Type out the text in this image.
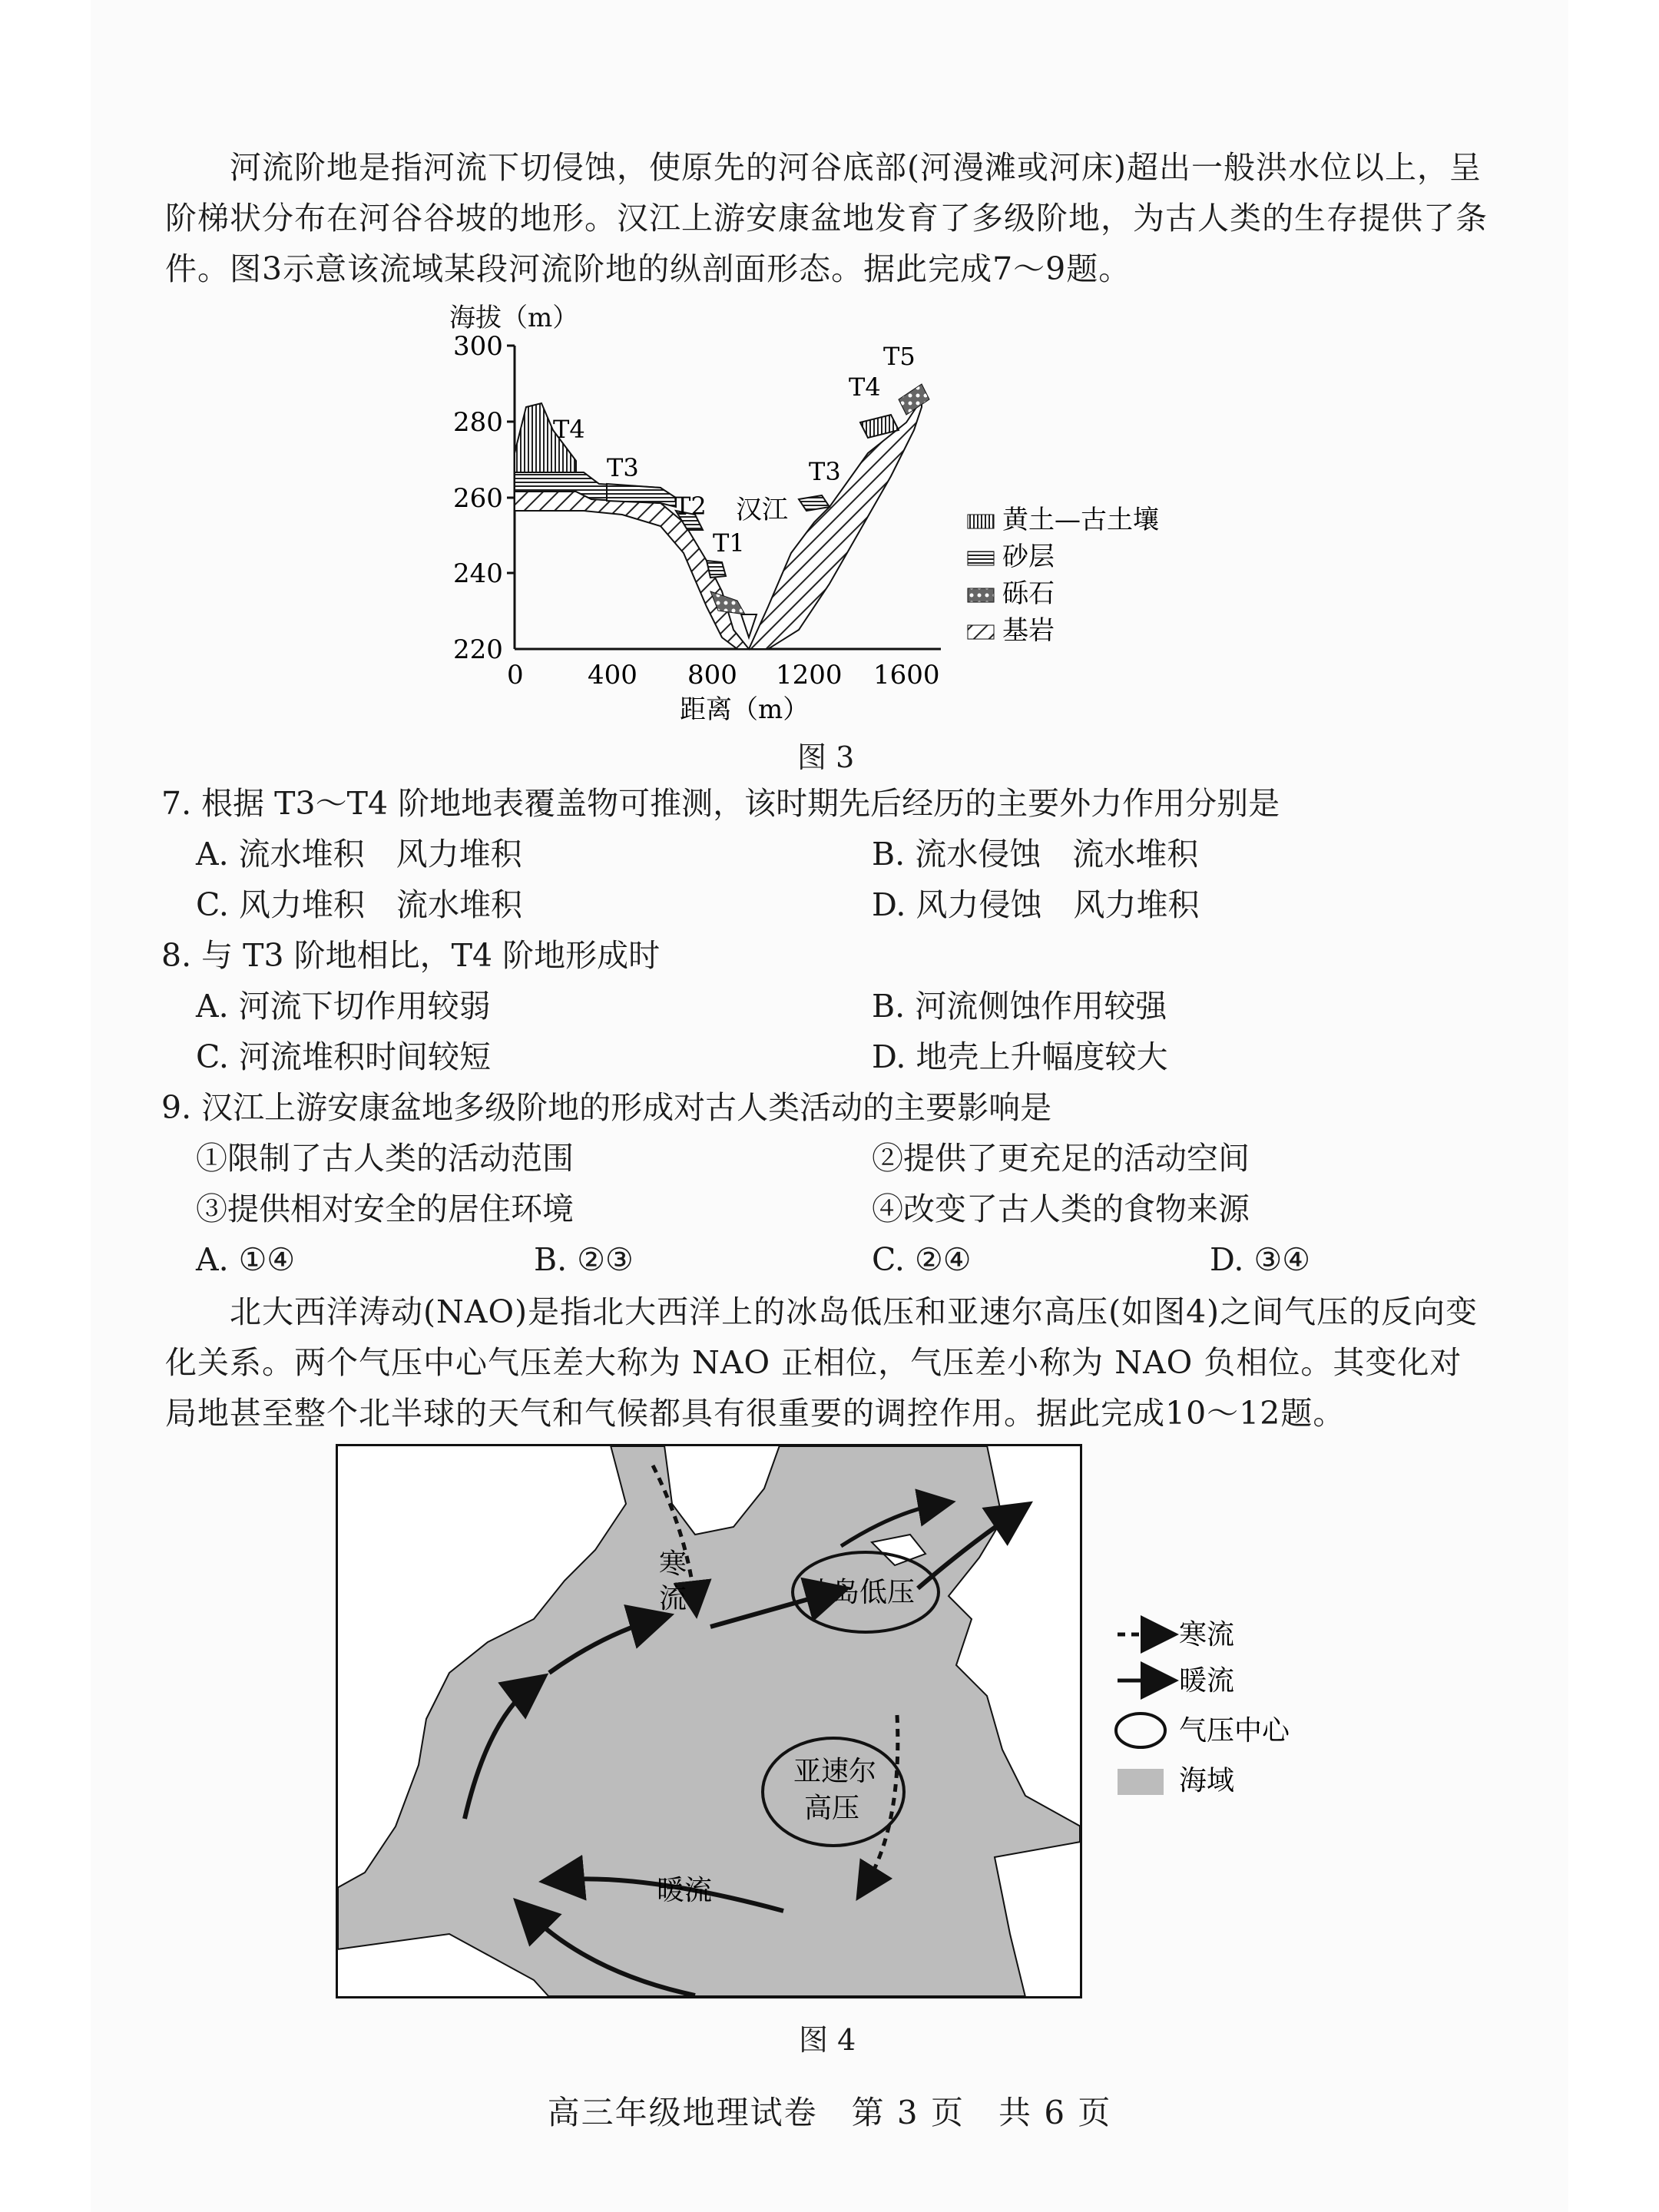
河流阶地是指河流下切侵蚀，使原先的河谷底部(河漫滩或河床)超出一般洪水位以上，呈阶梯状分布在河谷谷坡的地形。汉江上游安康盆地发育了多级阶地，为古人类的生存提供了条件。图3示意该流域某段河流阶地的纵剖面形态。据此完成7～9题。
海拔（m）
300
280
260
240
220
0 400 800 1200 1600
距离（m）
T4
T3
T2
T1
T3
T4
T5
汉江	黄土—古土壤
砂层
砾石
基岩
图 3
7. 根据 T3～T4 阶地地表覆盖物可推测，该时期先后经历的主要外力作用分别是
A. 流水堆积　风力堆积	B. 流水侵蚀　流水堆积
C. 风力堆积　流水堆积	D. 风力侵蚀　风力堆积
8. 与 T3 阶地相比，T4 阶地形成时
A. 河流下切作用较弱	B. 河流侧蚀作用较强
C. 河流堆积时间较短	D. 地壳上升幅度较大
9. 汉江上游安康盆地多级阶地的形成对古人类活动的主要影响是
①限制了古人类的活动范围	②提供了更充足的活动空间
③提供相对安全的居住环境	④改变了古人类的食物来源
A. ①④	B. ②③	C. ②④	D. ③④
北大西洋涛动(NAO)是指北大西洋上的冰岛低压和亚速尔高压(如图4)之间气压的反向变化关系。两个气压中心气压差大称为 NAO 正相位，气压差小称为 NAO 负相位。其变化对局地甚至整个北半球的天气和气候都具有很重要的调控作用。据此完成10～12题。
冰岛低压
亚速尔
高压
寒
流
暖流
寒流
暖流
气压中心
海域
图 4
高三年级地理试卷　第 3 页　共 6 页
